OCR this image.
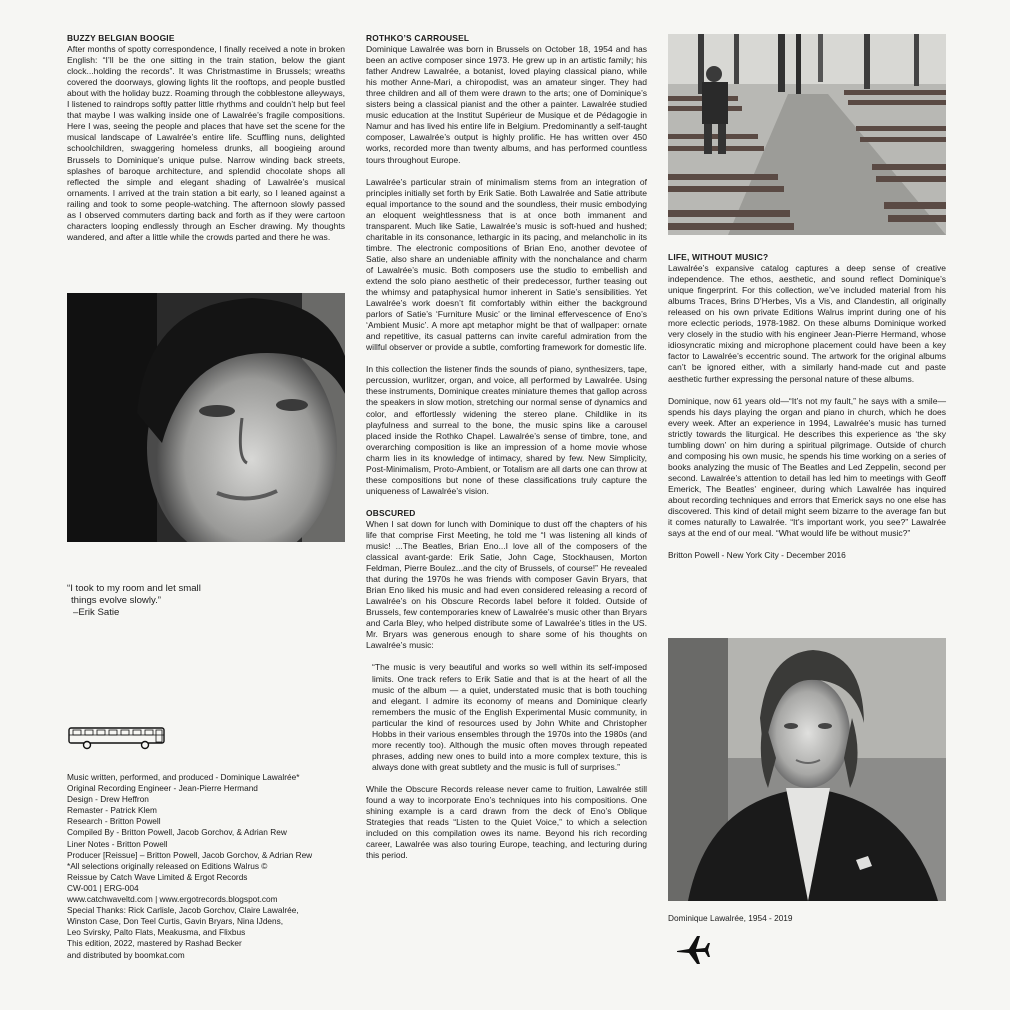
BUZZY BELGIAN BOOGIE

After months of spotty correspondence, I finally received a note in broken English: “I’ll be the one sitting in the train station, below the giant clock...holding the records”. It was Christmastime in Brussels; wreaths covered the doorways, glowing lights lit the rooftops, and people bustled about with the holiday buzz. Roaming through the cobblestone alleyways, I listened to raindrops softly patter little rhythms and couldn’t help but feel that maybe I was walking inside one of Lawalrée’s fragile compositions. Here I was, seeing the people and places that have set the scene for the musical landscape of Lawalrée’s entire life. Scuffling nuns, delighted schoolchildren, swaggering homeless drunks, all boogieing around Brussels to Dominique’s unique pulse. Narrow winding back streets, splashes of baroque architecture, and splendid chocolate shops all reflected the simple and elegant shading of Lawalrée’s musical ornaments. I arrived at the train station a bit early, so I leaned against a railing and took to some people-watching. The afternoon slowly passed as I observed commuters darting back and forth as if they were cartoon characters looping endlessly through an Escher drawing. My thoughts wandered, and after a little while the crowds parted and there he was.

“I took to my room and let small
things evolve slowly.”
–Erik Satie
Music written, performed, and produced - Dominique Lawalrée*
Original Recording Engineer - Jean-Pierre Hermand
Design - Drew Heffron
Remaster - Patrick Klem
Research - Britton Powell
Compiled By - Britton Powell, Jacob Gorchov, & Adrian Rew
Liner Notes - Britton Powell
Producer [Reissue] – Britton Powell, Jacob Gorchov, & Adrian Rew
*All selections originally released on Editions Walrus ©
Reissue by Catch Wave Limited & Ergot Records
CW-001 | ERG-004
www.catchwaveltd.com | www.ergotrecords.blogspot.com
Special Thanks: Rick Carlisle, Jacob Gorchov, Claire Lawalrée,
Winston Case, Don Teel Curtis, Gavin Bryars, Nina IJdens,
Leo Svirsky, Palto Flats, Meakusma, and Flixbus
This edition, 2022, mastered by Rashad Becker
and distributed by boomkat.com
ROTHKO’S CARROUSEL

Dominique Lawalrée was born in Brussels on October 18, 1954 and has been an active composer since 1973. He grew up in an artistic family; his father Andrew Lawalrée, a botanist, loved playing classical piano, while his mother Anne-Mari, a chiropodist, was an amateur singer. They had three children and all of them were drawn to the arts; one of Dominique’s sisters being a classical pianist and the other a painter. Lawalrée studied music education at the Institut Supérieur de Musique et de Pédagogie in Namur and has lived his entire life in Belgium. Predominantly a self-taught composer, Lawalrée’s output is highly prolific. He has written over 450 works, recorded more than twenty albums, and has performed countless tours throughout Europe.

Lawalrée’s particular strain of minimalism stems from an integration of principles initially set forth by Erik Satie. Both Lawalrée and Satie attribute equal importance to the sound and the soundless, their music embodying an eloquent weightlessness that is at once both immanent and transparent. Much like Satie, Lawalrée’s music is soft-hued and hushed; charitable in its consonance, lethargic in its pacing, and melancholic in its timbre. The electronic compositions of Brian Eno, another devotee of Satie, also share an undeniable affinity with the nonchalance and charm of Lawalrée’s music. Both composers use the studio to embellish and extend the solo piano aesthetic of their predecessor, further teasing out the whimsy and pataphysical humor inherent in Satie’s sensibilities. Yet Lawalrée’s work doesn’t fit comfortably within either the background parlors of Satie’s ‘Furniture Music’ or the liminal effervescence of Eno’s ‘Ambient Music’. A more apt metaphor might be that of wallpaper: ornate and repetitive, its casual patterns can invite careful admiration from the willful observer or provide a subtle, comforting framework for domestic life.

In this collection the listener finds the sounds of piano, synthesizers, tape, percussion, wurlitzer, organ, and voice, all performed by Lawalrée. Using these instruments, Dominique creates miniature themes that gallop across the speakers in slow motion, stretching our normal sense of dynamics and color, and effortlessly widening the stereo plane. Childlike in its playfulness and surreal to the bone, the music spins like a carousel placed inside the Rothko Chapel. Lawalrée’s sense of timbre, tone, and overarching composition is like an impression of a home movie whose charm lies in its knowledge of intimacy, shared by few. New Simplicity, Post-Minimalism, Proto-Ambient, or Totalism are all darts one can throw at these compositions but none of these classifications truly capture the uniqueness of Lawalrée’s vision.

OBSCURED

When I sat down for lunch with Dominique to dust off the chapters of his life that comprise First Meeting, he told me “I was listening all kinds of music! ...The Beatles, Brian Eno...I love all of the composers of the classical avant-garde: Erik Satie, John Cage, Stockhausen, Morton Feldman, Pierre Boulez...and the city of Brussels, of course!” He revealed that during the 1970s he was friends with composer Gavin Bryars, that Brian Eno liked his music and had even considered releasing a record of Lawalrée’s on his Obscure Records label before it folded. Outside of Brussels, few contemporaries knew of Lawalrée’s music other than Bryars and Carla Bley, who helped distribute some of Lawalrée’s titles in the US. Mr. Bryars was generous enough to share some of his thoughts on Lawalrée’s music:

“The music is very beautiful and works so well within its self-imposed limits. One track refers to Erik Satie and that is at the heart of all the music of the album — a quiet, understated music that is both touching and elegant. I admire its economy of means and Dominique clearly remembers the music of the English Experimental Music community, in particular the kind of resources used by John White and Christopher Hobbs in their various ensembles through the 1970s into the 1980s (and more recently too). Although the music often moves through repeated phrases, adding new ones to build into a more complex texture, this is always done with great subtlety and the music is full of surprises.”

While the Obscure Records release never came to fruition, Lawalrée still found a way to incorporate Eno’s techniques into his compositions. One shining example is a card drawn from the deck of Eno’s Oblique Strategies that reads “Listen to the Quiet Voice,” to which a selection included on this compilation owes its name. Beyond his rich recording career, Lawalrée was also touring Europe, teaching, and lecturing during this period.

LIFE, WITHOUT MUSIC?

Lawalrée’s expansive catalog captures a deep sense of creative independence. The ethos, aesthetic, and sound reflect Dominique’s unique fingerprint. For this collection, we’ve included material from his albums Traces, Brins D’Herbes, Vis a Vis, and Clandestin, all originally released on his own private Editions Walrus imprint during one of his more eclectic periods, 1978-1982. On these albums Dominique worked very closely in the studio with his engineer Jean-Pierre Hermand, whose idiosyncratic mixing and microphone placement could have been a key factor to Lawalrée’s eccentric sound. The artwork for the original albums can’t be ignored either, with a similarly hand-made cut and paste aesthetic further expressing the personal nature of these albums.

Dominique, now 61 years old—“It’s not my fault,” he says with a smile—spends his days playing the organ and piano in church, which he does every week. After an experience in 1994, Lawalrée’s music has turned strictly towards the liturgical. He describes this experience as ‘the sky tumbling down’ on him during a spiritual pilgrimage. Outside of church and composing his own music, he spends his time working on a series of books analyzing the music of The Beatles and Led Zeppelin, second per second. Lawalrée’s attention to detail has led him to meetings with Geoff Emerick, The Beatles’ engineer, during which Lawalrée has inquired about recording techniques and errors that Emerick says no one else has discovered. This kind of detail might seem bizarre to the average fan but it comes naturally to Lawalrée. “It’s important work, you see?” Lawalrée says at the end of our meal. “What would life be without music?”

Britton Powell - New York City - December 2016

Dominique Lawalrée, 1954 - 2019
